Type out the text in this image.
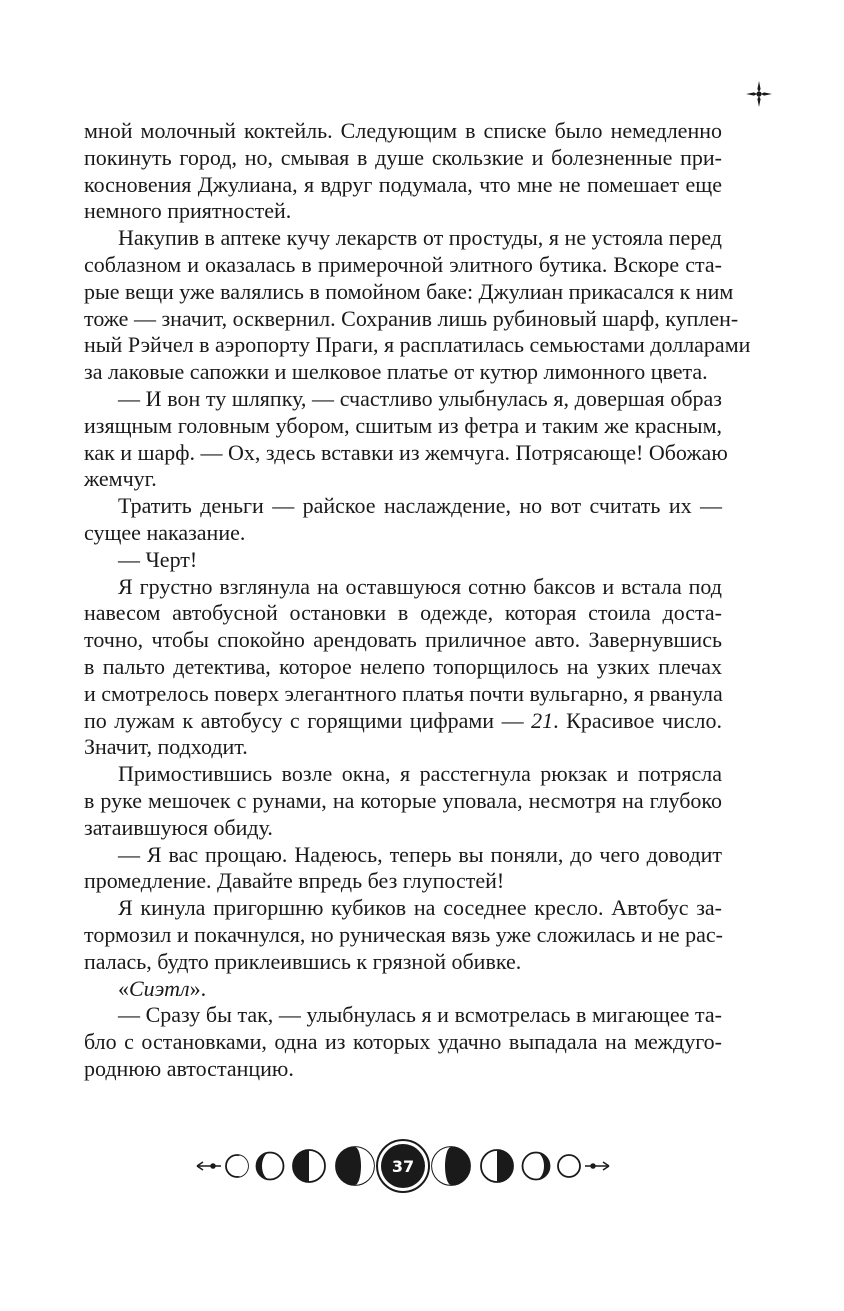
мной молочный коктейль. Следующим в списке было немедленно
покинуть город, но, смывая в душе скользкие и болезненные при-
косновения Джулиана, я вдруг подумала, что мне не помешает еще
немного приятностей.

Накупив в аптеке кучу лекарств от простуды, я не устояла перед
соблазном и оказалась в примерочной элитного бутика. Вскоре ста-
рые вещи уже валялись в помойном баке: Джулиан прикасался к ним
тоже — значит, осквернил. Сохранив лишь рубиновый шарф, куплен-
ный Рэйчел в аэропорту Праги, я расплатилась семьюстами долларами
за лаковые сапожки и шелковое платье от кутюр лимонного цвета.

— И вон ту шляпку, — счастливо улыбнулась я, довершая образ
изящным головным убором, сшитым из фетра и таким же красным,
как и шарф. — Ох, здесь вставки из жемчуга. Потрясающе! Обожаю
жемчуг.

Тратить деньги — райское наслаждение, но вот считать их —
сущее наказание.

— Черт!

Я грустно взглянула на оставшуюся сотню баксов и встала под
навесом автобусной остановки в одежде, которая стоила доста-
точно, чтобы спокойно арендовать приличное авто. Завернувшись
в пальто детектива, которое нелепо топорщилось на узких плечах
и смотрелось поверх элегантного платья почти вульгарно, я рванула
по лужам к автобусу с горящими цифрами — 21. Красивое число.
Значит, подходит.

Примостившись возле окна, я расстегнула рюкзак и потрясла
в руке мешочек с рунами, на которые уповала, несмотря на глубоко
затаившуюся обиду.

— Я вас прощаю. Надеюсь, теперь вы поняли, до чего доводит
промедление. Давайте впредь без глупостей!

Я кинула пригоршню кубиков на соседнее кресло. Автобус за-
тормозил и покачнулся, но руническая вязь уже сложилась и не рас-
палась, будто приклеившись к грязной обивке.

«Сиэтл».

— Сразу бы так, — улыбнулась я и всмотрелась в мигающее та-
бло с остановками, одна из которых удачно выпадала на междуго-
роднюю автостанцию.

37
